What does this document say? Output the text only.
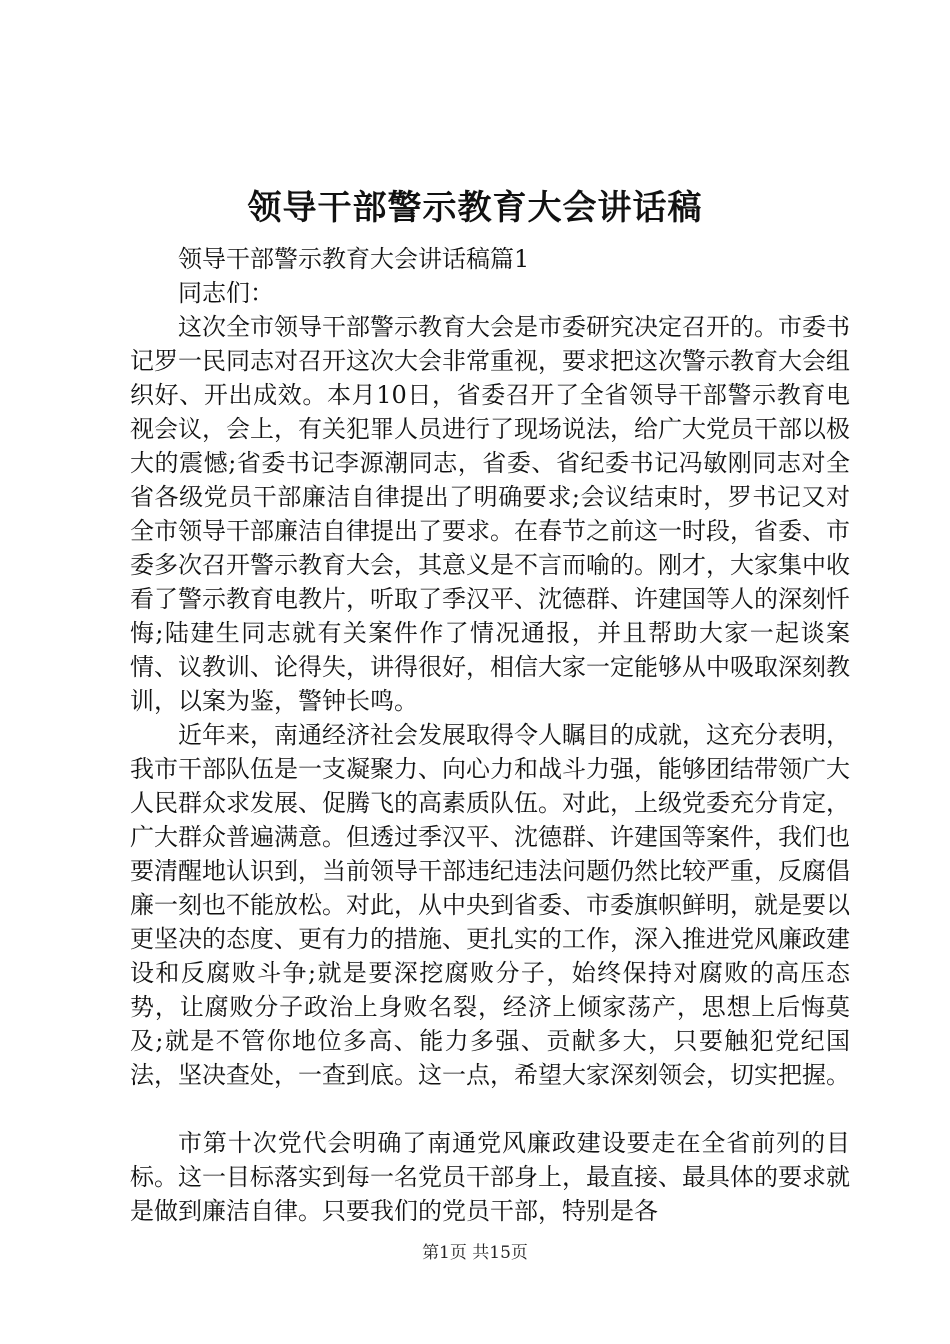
领导干部警示教育大会讲话稿

领导干部警示教育大会讲话稿篇1

同志们：

这次全市领导干部警示教育大会是市委研究决定召开的。市委书记罗一民同志对召开这次大会非常重视，要求把这次警示教育大会组织好、开出成效。本月10日，省委召开了全省领导干部警示教育电视会议，会上，有关犯罪人员进行了现场说法，给广大党员干部以极大的震憾;省委书记李源潮同志，省委、省纪委书记冯敏刚同志对全省各级党员干部廉洁自律提出了明确要求;会议结束时，罗书记又对全市领导干部廉洁自律提出了要求。在春节之前这一时段，省委、市委多次召开警示教育大会，其意义是不言而喻的。刚才，大家集中收看了警示教育电教片，听取了季汉平、沈德群、许建国等人的深刻忏悔;陆建生同志就有关案件作了情况通报，并且帮助大家一起谈案情、议教训、论得失，讲得很好，相信大家一定能够从中吸取深刻教训，以案为鉴，警钟长鸣。

近年来，南通经济社会发展取得令人瞩目的成就，这充分表明，我市干部队伍是一支凝聚力、向心力和战斗力强，能够团结带领广大人民群众求发展、促腾飞的高素质队伍。对此，上级党委充分肯定，广大群众普遍满意。但透过季汉平、沈德群、许建国等案件，我们也要清醒地认识到，当前领导干部违纪违法问题仍然比较严重，反腐倡廉一刻也不能放松。对此，从中央到省委、市委旗帜鲜明，就是要以更坚决的态度、更有力的措施、更扎实的工作，深入推进党风廉政建设和反腐败斗争;就是要深挖腐败分子，始终保持对腐败的高压态势，让腐败分子政治上身败名裂，经济上倾家荡产，思想上后悔莫及;就是不管你地位多高、能力多强、贡献多大，只要触犯党纪国法，坚决查处，一查到底。这一点，希望大家深刻领会，切实把握。

市第十次党代会明确了南通党风廉政建设要走在全省前列的目标。这一目标落实到每一名党员干部身上，最直接、最具体的要求就是做到廉洁自律。只要我们的党员干部，特别是各

第1页 共15页
